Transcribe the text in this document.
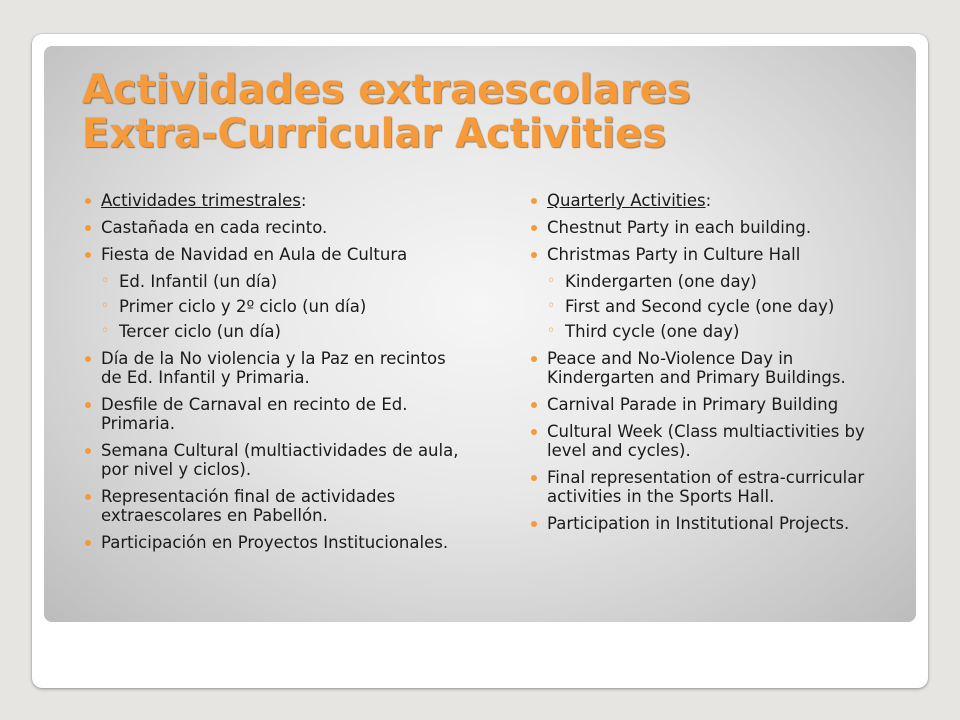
Actividades extraescolares
Extra-Curricular Activities
Actividades trimestrales:
Castañada en cada recinto.
Fiesta de Navidad en Aula de Cultura
◦ Ed. Infantil (un día)
◦ Primer ciclo y 2º ciclo (un día)
◦ Tercer ciclo (un día)
Día de la No violencia y la Paz en recintos de Ed. Infantil y Primaria.
Desfile de Carnaval en recinto de Ed. Primaria.
Semana Cultural (multiactividades de aula, por nivel y ciclos).
Representación final de actividades extraescolares en Pabellón.
Participación en Proyectos Institucionales.
Quarterly Activities:
Chestnut Party in each building.
Christmas Party in Culture Hall
◦ Kindergarten (one day)
◦ First and Second cycle (one day)
◦ Third cycle (one day)
Peace and No-Violence Day in Kindergarten and Primary Buildings.
Carnival Parade in Primary Building
Cultural Week (Class multiactivities by level and cycles).
Final representation of estra-curricular activities in the Sports Hall.
Participation in Institutional Projects.
